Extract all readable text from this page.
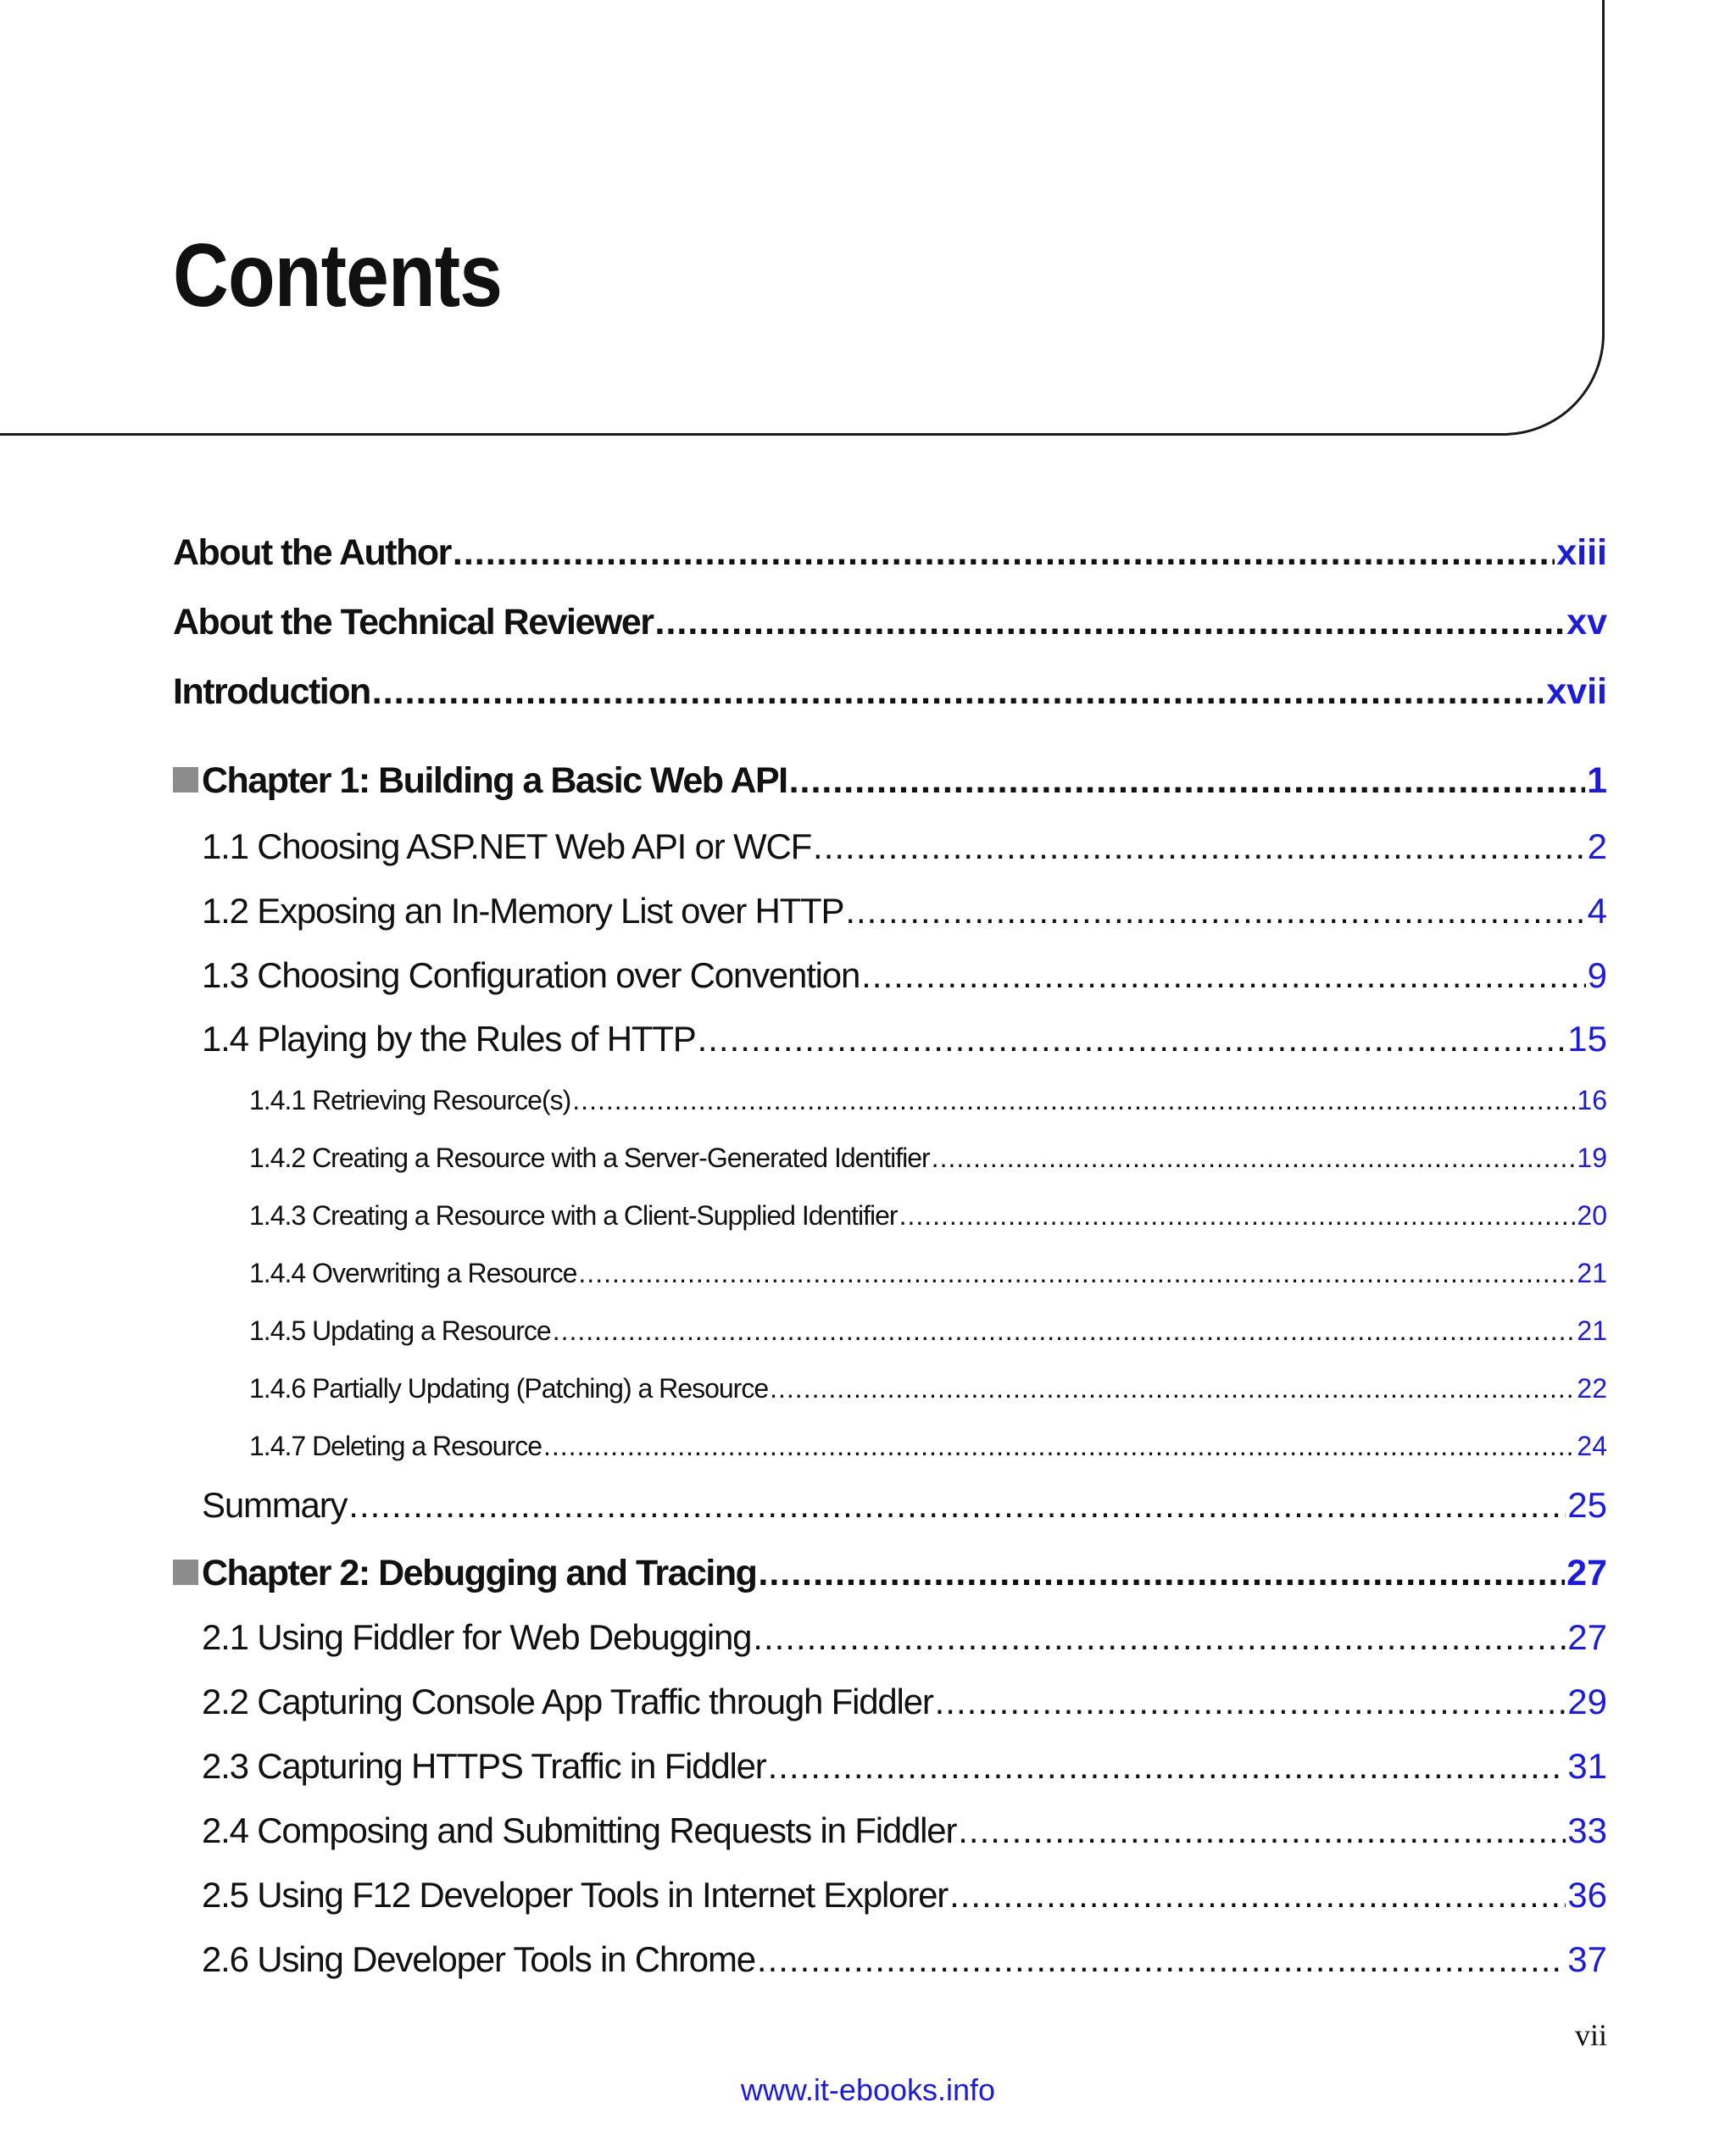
Contents
About the Author .....	xiii
About the Technical Reviewer .....	xv
Introduction .....	xvii
Chapter 1: Building a Basic Web API .....	1
1.1 Choosing ASP.NET Web API or WCF .....	2
1.2 Exposing an In-Memory List over HTTP .....	4
1.3 Choosing Configuration over Convention .....	9
1.4 Playing by the Rules of HTTP .....	15
1.4.1 Retrieving Resource(s) .....	16
1.4.2 Creating a Resource with a Server-Generated Identifier .....	19
1.4.3 Creating a Resource with a Client-Supplied Identifier .....	20
1.4.4 Overwriting a Resource .....	21
1.4.5 Updating a Resource .....	21
1.4.6 Partially Updating (Patching) a Resource .....	22
1.4.7 Deleting a Resource .....	24
Summary .....	25
Chapter 2: Debugging and Tracing .....	27
2.1 Using Fiddler for Web Debugging .....	27
2.2 Capturing Console App Traffic through Fiddler .....	29
2.3 Capturing HTTPS Traffic in Fiddler .....	31
2.4 Composing and Submitting Requests in Fiddler .....	33
2.5 Using F12 Developer Tools in Internet Explorer .....	36
2.6 Using Developer Tools in Chrome .....	37
vii
www.it-ebooks.info
